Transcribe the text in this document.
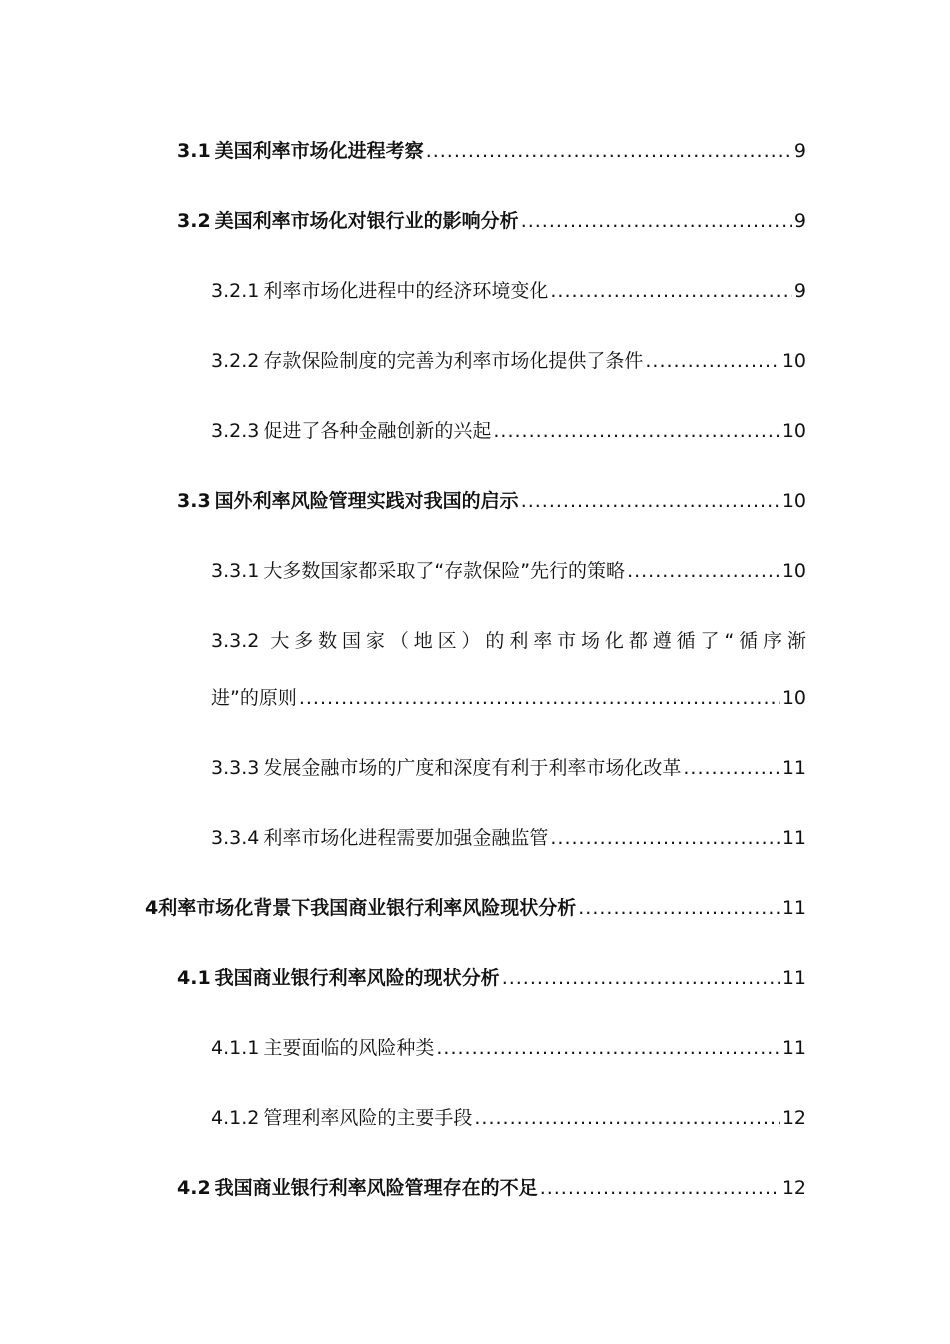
3.1 美国利率市场化进程考察 .....	9
3.2 美国利率市场化对银行业的影响分析 .....	9
3.2.1 利率市场化进程中的经济环境变化 .....	9
3.2.2 存款保险制度的完善为利率市场化提供了条件 .....	10
3.2.3 促进了各种金融创新的兴起 .....	10
3.3 国外利率风险管理实践对我国的启示 .....	10
3.3.1 大多数国家都采取了“存款保险”先行的策略 .....	10
3.3.2 大多数国家（地区）的利率市场化都遵循了“循序渐
进”的原则 .....	10
3.3.3 发展金融市场的广度和深度有利于利率市场化改革 .....	11
3.3.4 利率市场化进程需要加强金融监管 .....	11
4 利率市场化背景下我国商业银行利率风险现状分析 .....	11
4.1 我国商业银行利率风险的现状分析 .....	11
4.1.1 主要面临的风险种类 .....	11
4.1.2 管理利率风险的主要手段 .....	12
4.2 我国商业银行利率风险管理存在的不足 .....	12
